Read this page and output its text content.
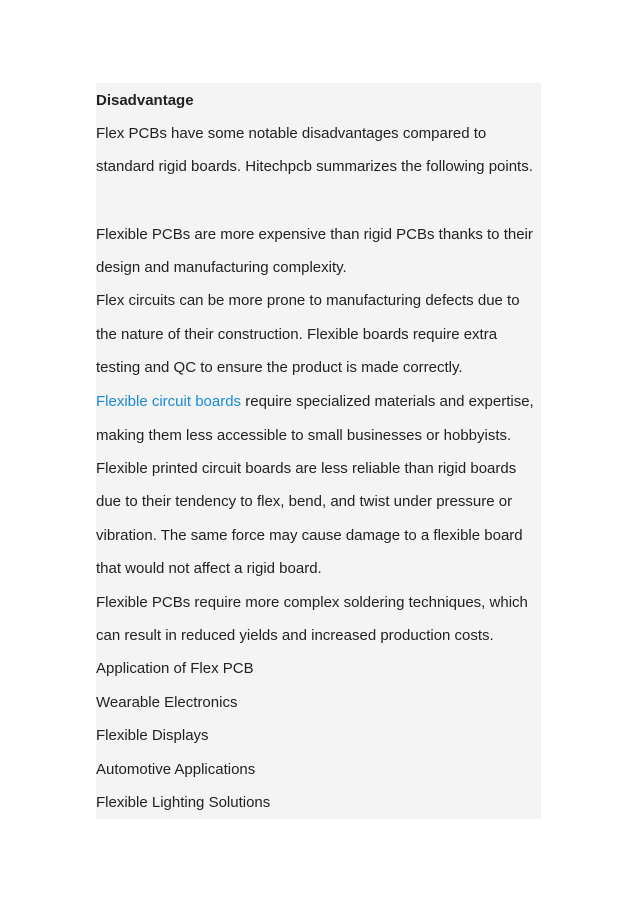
Disadvantage
Flex PCBs have some notable disadvantages compared to
standard rigid boards. Hitechpcb summarizes the following points.
Flexible PCBs are more expensive than rigid PCBs thanks to their
design and manufacturing complexity.
Flex circuits can be more prone to manufacturing defects due to
the nature of their construction. Flexible boards require extra
testing and QC to ensure the product is made correctly.
Flexible circuit boards require specialized materials and expertise,
making them less accessible to small businesses or hobbyists.
Flexible printed circuit boards are less reliable than rigid boards
due to their tendency to flex, bend, and twist under pressure or
vibration. The same force may cause damage to a flexible board
that would not affect a rigid board.
Flexible PCBs require more complex soldering techniques, which
can result in reduced yields and increased production costs.
Application of Flex PCB
Wearable Electronics
Flexible Displays
Automotive Applications
Flexible Lighting Solutions
